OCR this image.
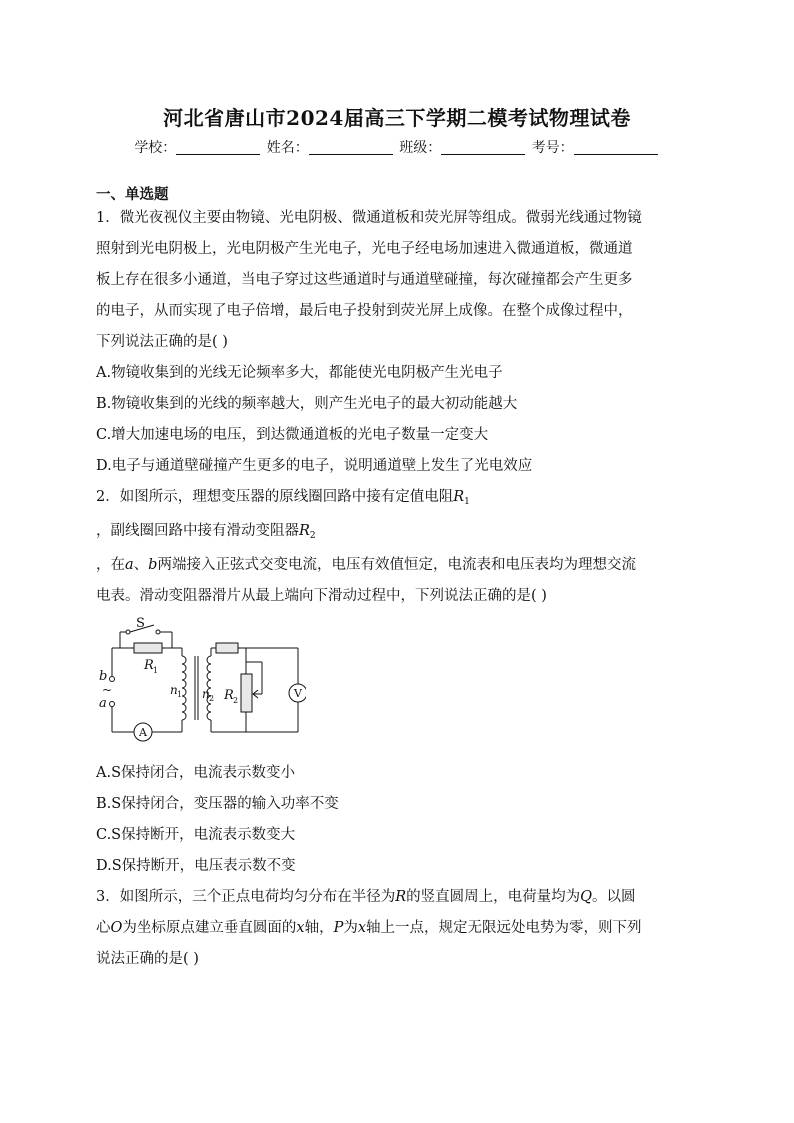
河北省唐山市2024届高三下学期二模考试物理试卷
学校：	姓名：	班级：	考号：
一、单选题
1．微光夜视仪主要由物镜、光电阴极、微通道板和荧光屏等组成。微弱光线通过物镜
照射到光电阴极上，光电阴极产生光电子，光电子经电场加速进入微通道板，微通道
板上存在很多小通道，当电子穿过这些通道时与通道壁碰撞，每次碰撞都会产生更多
的电子，从而实现了电子倍增，最后电子投射到荧光屏上成像。在整个成像过程中，
下列说法正确的是( )
A.物镜收集到的光线无论频率多大，都能使光电阴极产生光电子
B.物镜收集到的光线的频率越大，则产生光电子的最大初动能越大
C.增大加速电场的电压，到达微通道板的光电子数量一定变大
D.电子与通道壁碰撞产生更多的电子，说明通道壁上发生了光电效应
2．如图所示，理想变压器的原线圈回路中接有定值电阻$R_1$
，副线圈回路中接有滑动变阻器$R_2$
，在a、b两端接入正弦式交变电流，电压有效值恒定，电流表和电压表均为理想交流
电表。滑动变阻器滑片从最上端向下滑动过程中，下列说法正确的是( )
S
R 1
n 1 n 2 R 2
b
~
a
A
V
A.S保持闭合，电流表示数变小
B.S保持闭合，变压器的输入功率不变
C.S保持断开，电流表示数变大
D.S保持断开，电压表示数不变
3．如图所示，三个正点电荷均匀分布在半径为R的竖直圆周上，电荷量均为Q。以圆
心O为坐标原点建立垂直圆面的x轴，P为x轴上一点，规定无限远处电势为零，则下列
说法正确的是( )
